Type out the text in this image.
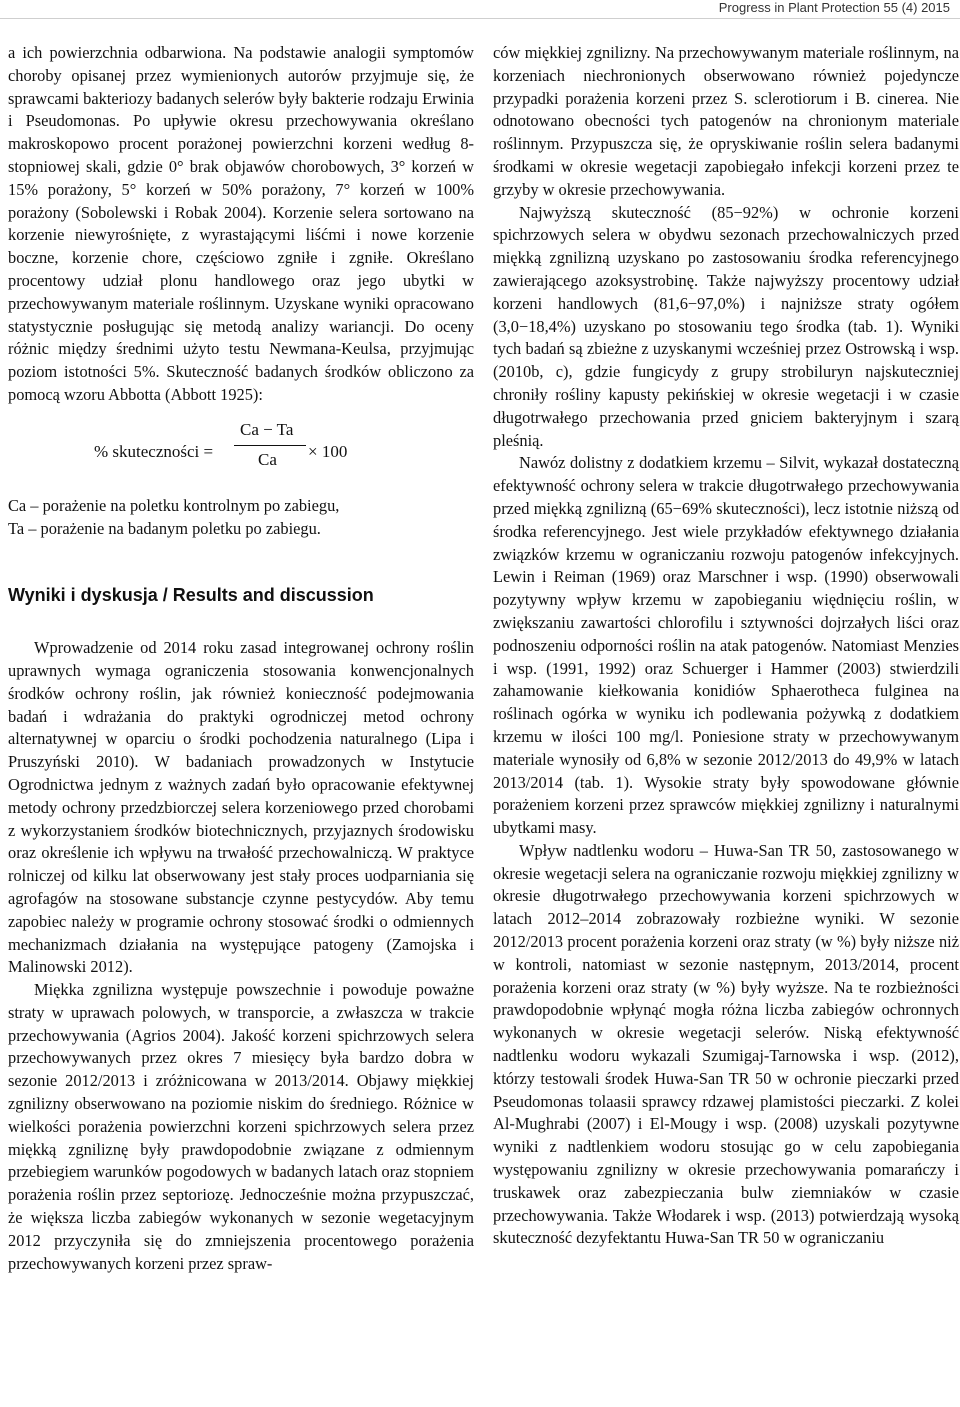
Progress in Plant Protection 55 (4) 2015

a ich powierzchnia odbarwiona. Na podstawie analogii symptomów choroby opisanej przez wymienionych autorów przyjmuje się, że sprawcami bakteriozy badanych selerów były bakterie rodzaju Erwinia i Pseudomonas. Po upływie okresu przechowywania określano makroskopowo procent porażonej powierzchni korzeni według 8-stopniowej skali, gdzie 0° brak objawów chorobowych, 3° korzeń w 15% porażony, 5° korzeń w 50% porażony, 7° korzeń w 100% porażony (Sobolewski i Robak 2004). Korzenie selera sortowano na korzenie niewyrośnięte, z wyrastającymi liśćmi i nowe korzenie boczne, korzenie chore, częściowo zgniłe i zgniłe. Określano procentowy udział plonu handlowego oraz jego ubytki w przechowywanym materiale roślinnym. Uzyskane wyniki opracowano statystycznie posługując się metodą analizy wariancji. Do oceny różnic między średnimi użyto testu Newmana-Keulsa, przyjmując poziom istotności 5%. Skuteczność badanych środków obliczono za pomocą wzoru Abbotta (Abbott 1925):

% skuteczności =
Ca − Ta
Ca × 100

Ca – porażenie na poletku kontrolnym po zabiegu,

Ta – porażenie na badanym poletku po zabiegu.

Wyniki i dyskusja / Results and discussion

Wprowadzenie od 2014 roku zasad integrowanej ochrony roślin uprawnych wymaga ograniczenia stosowania konwencjonalnych środków ochrony roślin, jak również konieczność podejmowania badań i wdrażania do praktyki ogrodniczej metod ochrony alternatywnej w oparciu o środki pochodzenia naturalnego (Lipa i Pruszyński 2010). W badaniach prowadzonych w Instytucie Ogrodnictwa jednym z ważnych zadań było opracowanie efektywnej metody ochrony przedzbiorczej selera korzeniowego przed chorobami z wykorzystaniem środków biotechnicznych, przyjaznych środowisku oraz określenie ich wpływu na trwałość przechowalniczą. W praktyce rolniczej od kilku lat obserwowany jest stały proces uodparniania się agrofagów na stosowane substancje czynne pestycydów. Aby temu zapobiec należy w programie ochrony stosować środki o odmiennych mechanizmach działania na występujące patogeny (Zamojska i Malinowski 2012).

Miękka zgnilizna występuje powszechnie i powoduje poważne straty w uprawach polowych, w transporcie, a zwłaszcza w trakcie przechowywania (Agrios 2004). Jakość korzeni spichrzowych selera przechowywanych przez okres 7 miesięcy była bardzo dobra w sezonie 2012/2013 i zróżnicowana w 2013/2014. Objawy miękkiej zgnilizny obserwowano na poziomie niskim do średniego. Różnice w wielkości porażenia powierzchni korzeni spichrzowych selera przez miękką zgniliznę były prawdopodobnie związane z odmiennym przebiegiem warunków pogodowych w badanych latach oraz stopniem porażenia roślin przez septoriozę. Jednocześnie można przypuszczać, że większa liczba zabiegów wykonanych w sezonie wegetacyjnym 2012 przyczyniła się do zmniejszenia procentowego porażenia przechowywanych korzeni przez spraw-

ców miękkiej zgnilizny. Na przechowywanym materiale roślinnym, na korzeniach niechronionych obserwowano również pojedyncze przypadki porażenia korzeni przez S. sclerotiorum i B. cinerea. Nie odnotowano obecności tych patogenów na chronionym materiale roślinnym. Przypuszcza się, że opryskiwanie roślin selera badanymi środkami w okresie wegetacji zapobiegało infekcji korzeni przez te grzyby w okresie przechowywania.

Najwyższą skuteczność (85−92%) w ochronie korzeni spichrzowych selera w obydwu sezonach przechowalniczych przed miękką zgnilizną uzyskano po zastosowaniu środka referencyjnego zawierającego azoksystrobinę. Także najwyższy procentowy udział korzeni handlowych (81,6−97,0%) i najniższe straty ogółem (3,0−18,4%) uzyskano po stosowaniu tego środka (tab. 1). Wyniki tych badań są zbieżne z uzyskanymi wcześniej przez Ostrowską i wsp. (2010b, c), gdzie fungicydy z grupy strobiluryn najskuteczniej chroniły rośliny kapusty pekińskiej w okresie wegetacji i w czasie długotrwałego przechowania przed gniciem bakteryjnym i szarą pleśnią.

Nawóz dolistny z dodatkiem krzemu – Silvit, wykazał dostateczną efektywność ochrony selera w trakcie długotrwałego przechowywania przed miękką zgnilizną (65−69% skuteczności), lecz istotnie niższą od środka referencyjnego. Jest wiele przykładów efektywnego działania związków krzemu w ograniczaniu rozwoju patogenów infekcyjnych. Lewin i Reiman (1969) oraz Marschner i wsp. (1990) obserwowali pozytywny wpływ krzemu w zapobieganiu więdnięciu roślin, w zwiększaniu zawartości chlorofilu i sztywności dojrzałych liści oraz podnoszeniu odporności roślin na atak patogenów. Natomiast Menzies i wsp. (1991, 1992) oraz Schuerger i Hammer (2003) stwierdzili zahamowanie kiełkowania konidiów Sphaerotheca fulginea na roślinach ogórka w wyniku ich podlewania pożywką z dodatkiem krzemu w ilości 100 mg/l. Poniesione straty w przechowywanym materiale wynosiły od 6,8% w sezonie 2012/2013 do 49,9% w latach 2013/2014 (tab. 1). Wysokie straty były spowodowane głównie porażeniem korzeni przez sprawców miękkiej zgnilizny i naturalnymi ubytkami masy.

Wpływ nadtlenku wodoru – Huwa-San TR 50, zastosowanego w okresie wegetacji selera na ograniczanie rozwoju miękkiej zgnilizny w okresie długotrwałego przechowywania korzeni spichrzowych w latach 2012–2014 zobrazowały rozbieżne wyniki. W sezonie 2012/2013 procent porażenia korzeni oraz straty (w %) były niższe niż w kontroli, natomiast w sezonie następnym, 2013/2014, procent porażenia korzeni oraz straty (w %) były wyższe. Na te rozbieżności prawdopodobnie wpłynąć mogła różna liczba zabiegów ochronnych wykonanych w okresie wegetacji selerów. Niską efektywność nadtlenku wodoru wykazali Szumigaj-Tarnowska i wsp. (2012), którzy testowali środek Huwa-San TR 50 w ochronie pieczarki przed Pseudomonas tolaasii sprawcy rdzawej plamistości pieczarki. Z kolei Al-Mughrabi (2007) i El-Mougy i wsp. (2008) uzyskali pozytywne wyniki z nadtlenkiem wodoru stosując go w celu zapobiegania występowaniu zgnilizny w okresie przechowywania pomarańczy i truskawek oraz zabezpieczania bulw ziemniaków w czasie przechowywania. Także Włodarek i wsp. (2013) potwierdzają wysoką skuteczność dezyfektantu Huwa-San TR 50 w ograniczaniu
